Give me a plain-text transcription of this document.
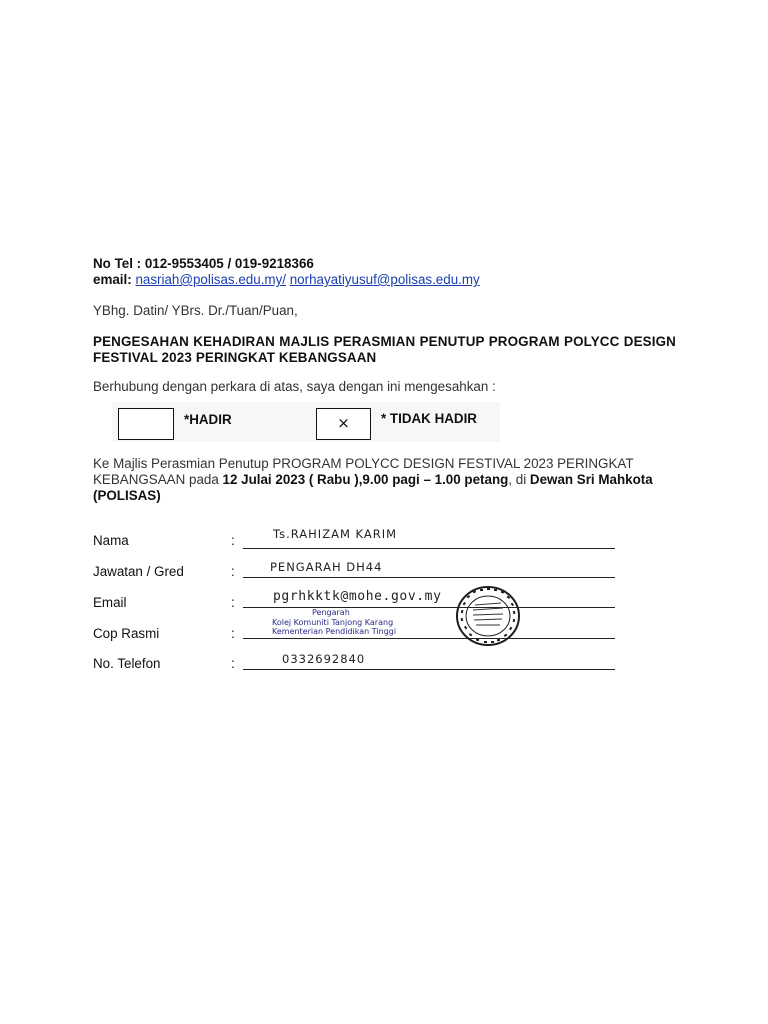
No Tel : 012-9553405 / 019-9218366
email: nasriah@polisas.edu.my/ norhayatiyusuf@polisas.edu.my
YBhg. Datin/ YBrs. Dr./Tuan/Puan,
PENGESAHAN KEHADIRAN MAJLIS PERASMIAN PENUTUP PROGRAM POLYCC DESIGN FESTIVAL 2023 PERINGKAT KEBANGSAAN
Berhubung dengan perkara di atas, saya dengan ini mengesahkan :
*HADIR	×	* TIDAK HADIR
Ke Majlis Perasmian Penutup PROGRAM POLYCC DESIGN FESTIVAL 2023 PERINGKAT KEBANGSAAN pada 12 Julai 2023 ( Rabu ),9.00 pagi – 1.00 petang, di Dewan Sri Mahkota (POLISAS)
Nama	:	Ts.RAHIZAM KARIM
Jawatan / Gred	:	PENGARAH DH44
Email	:	pgrhkktk@mohe.gov.my
Cop Rasmi	:
Pengarah
Kolej Komuniti Tanjong Karang
Kementerian Pendidikan Tinggi
No. Telefon	:	0332692840
